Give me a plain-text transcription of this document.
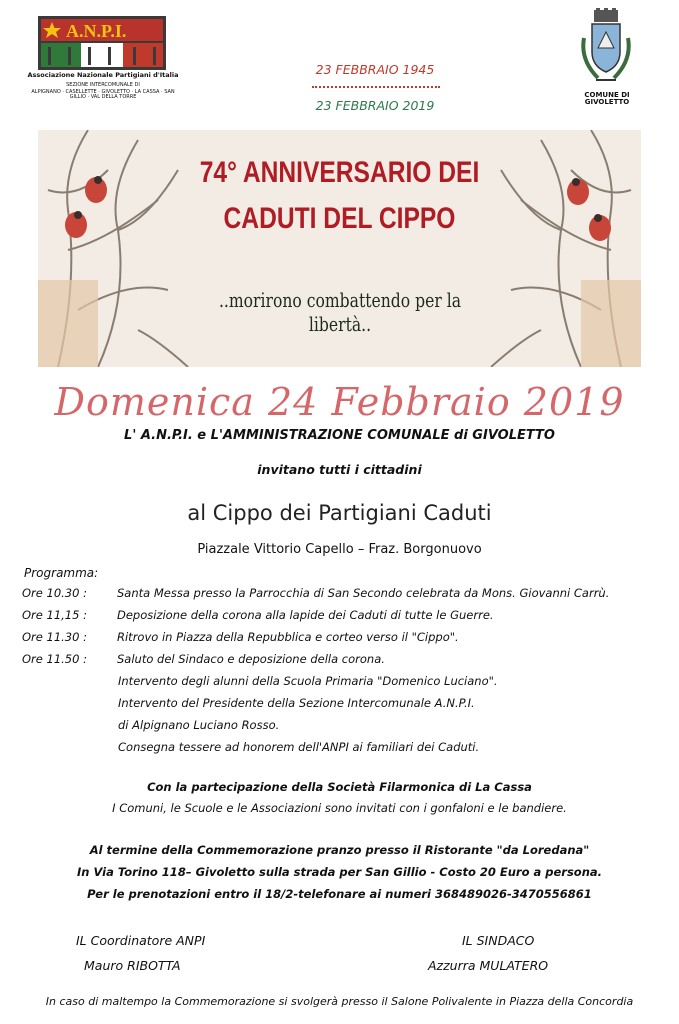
A.N.P.I.
Associazione Nazionale Partigiani d'Italia
SEZIONE INTERCOMUNALE DI
ALPIGNANO · CASELLETTE · GIVOLETTO · LA CASSA · SAN GILLIO · VAL DELLA TORRE
23 FEBBRAIO 1945
23 FEBBRAIO 2019
COMUNE DI
GIVOLETTO
74° ANNIVERSARIO DEI
CADUTI DEL CIPPO
..morirono combattendo per la libertà..
Domenica 24 Febbraio 2019
L' A.N.P.I. e L'AMMINISTRAZIONE COMUNALE di GIVOLETTO
invitano tutti i cittadini
al Cippo dei Partigiani Caduti
Piazzale Vittorio Capello – Fraz. Borgonuovo
Programma:
Ore 10.30 :	Santa Messa presso la Parrocchia di San Secondo celebrata da Mons. Giovanni Carrù.
Ore 11,15 :	Deposizione della corona alla lapide dei Caduti di tutte le Guerre.
Ore 11.30 :	Ritrovo in Piazza della Repubblica e corteo verso il "Cippo".
Ore 11.50 :	Saluto del Sindaco e deposizione della corona.
Intervento degli alunni della Scuola Primaria "Domenico Luciano".
Intervento del Presidente della Sezione Intercomunale A.N.P.I.
di Alpignano Luciano Rosso.
Consegna tessere ad honorem dell'ANPI ai familiari dei Caduti.
Con la partecipazione della Società Filarmonica di La Cassa
I Comuni, le Scuole e le Associazioni sono invitati con i gonfaloni e le bandiere.
Al termine della Commemorazione pranzo presso il Ristorante "da Loredana"
In Via Torino 118– Givoletto sulla strada per San Gillio - Costo 20 Euro a persona.
Per le prenotazioni entro il 18/2-telefonare ai numeri 368489026-3470556861
IL Coordinatore ANPI
Mauro RIBOTTA
IL SINDACO
Azzurra MULATERO
In caso di maltempo la Commemorazione si svolgerà presso il Salone Polivalente in Piazza della Concordia
